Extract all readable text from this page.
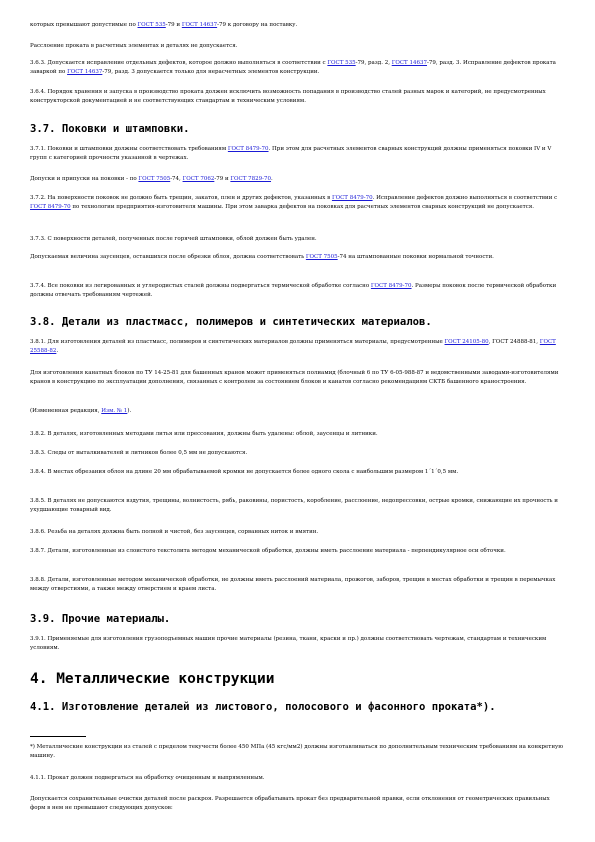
которых превышают допустимые по ГОСТ 535-79 и ГОСТ 14637-79 к договору на поставку.

Расслоение проката в расчетных элементах и деталях не допускается.

3.6.3. Допускается исправление отдельных дефектов, которое должно выполняться в соответствии с ГОСТ 535-79, разд. 2, ГОСТ 14637-79, разд. 3. Исправление дефектов проката заваркой по ГОСТ 14637-79, разд. 3 допускается только для нерасчетных элементов конструкции.

3.6.4. Порядок хранения и запуска в производство проката должен исключить возможность попадания в производство сталей разных марок и категорий, не предусмотренных конструкторской документацией и не соответствующих стандартам и техническим условиям.

3.7. Поковки и штамповки.

3.7.1. Поковки и штамповки должны соответствовать требованиям ГОСТ 8479-70. При этом для расчетных элементов сварных конструкций должны применяться поковки IV и V групп с категорией прочности указанной в чертежах.

Допуски и припуски на поковки - по ГОСТ 7505-74, ГОСТ 7062-79 и ГОСТ 7829-70.

3.7.2. На поверхности поковок не должно быть трещин, закатов, плен и других дефектов, указанных в ГОСТ 8479-70. Исправление дефектов должно выполняться в соответствии с ГОСТ 8479-70 по технологии предприятия-изготовителя машины. При этом заварка дефектов на поковках для расчетных элементов сварных конструкций не допускается.

3.7.3. С поверхности деталей, полученных после горячей штамповки, облой должен быть удален.

Допускаемая величина заусенцев, оставшихся после обрезки облоя, должна соответствовать ГОСТ 7505-74 на штампованные поковки нормальной точности.

3.7.4. Все поковки из легированных и углеродистых сталей должны подвергаться термической обработке согласно ГОСТ 8479-70. Размеры поковок после термической обработки должны отвечать требованиям чертежей.

3.8. Детали из пластмасс, полимеров и синтетических материалов.

3.8.1. Для изготовления деталей из пластмасс, полимеров и синтетических материалов должны применяться материалы, предусмотренные ГОСТ 24105-80, ГОСТ 24888-81, ГОСТ 25588-82.

Для изготовления канатных блоков по ТУ 14-25-81 для башенных кранов может применяться полиамид (блочный 6 по ТУ 6-05-988-87 и ведомственными заводами-изготовителями кранов в конструкцию по эксплуатации дополнения, связанных с контролем за состоянием блоков и канатов согласно рекомендациям СКТБ башенного краностроения.

(Измененная редакция, Изм. № 1).

3.8.2. В деталях, изготовленных методами литья или прессования, должны быть удалены: облой, заусенцы и литники.

3.8.3. Следы от выталкивателей и литников более 0,5 мм не допускаются.

3.8.4. В местах обрезания облоя на длине 20 мм обрабатываемой кромки не допускается более одного скола с наибольшим размером 1´1´0,5 мм.

3.8.5. В деталях не допускаются вздутия, трещины, волнистость, рябь, раковины, пористость, коробление, расслоение, недопрессовки, острые кромки, снижающие их прочность и ухудшающие товарный вид.

3.8.6. Резьба на деталях должна быть полной и чистой, без заусенцев, сорванных ниток и вмятин.

3.8.7. Детали, изготовленные из слоистого текстолита методом механической обработки, должны иметь расслоение материала - перпендикулярное оси обточки.

3.8.8. Детали, изготовленные методом механической обработки, не должны иметь расслоений материала, прожогов, заборов, трещин в местах обработки и трещин в перемычках между отверстиями, а также между отверстием и краем листа.

3.9. Прочие материалы.

3.9.1. Применяемые для изготовления грузоподъемных машин прочие материалы (резина, ткани, краски и пр.) должны соответствовать чертежам, стандартам и техническим условиям.

4. Металлические конструкции
4.1. Изготовление деталей из листового, полосового и фасонного проката*).

*) Металлические конструкции из сталей с пределом текучести более 450 МПа (45 кгс/мм2) должны изготавливаться по дополнительным техническим требованиям на конкретную машину.

4.1.1. Прокат должен подвергаться на обработку очищенным и выпрямленным.

Допускается сохранительные очистки деталей после раскроя. Разрешается обрабатывать прокат без предварительной правки, если отклонения от геометрических правильных форм в нем не превышают следующих допусков:
